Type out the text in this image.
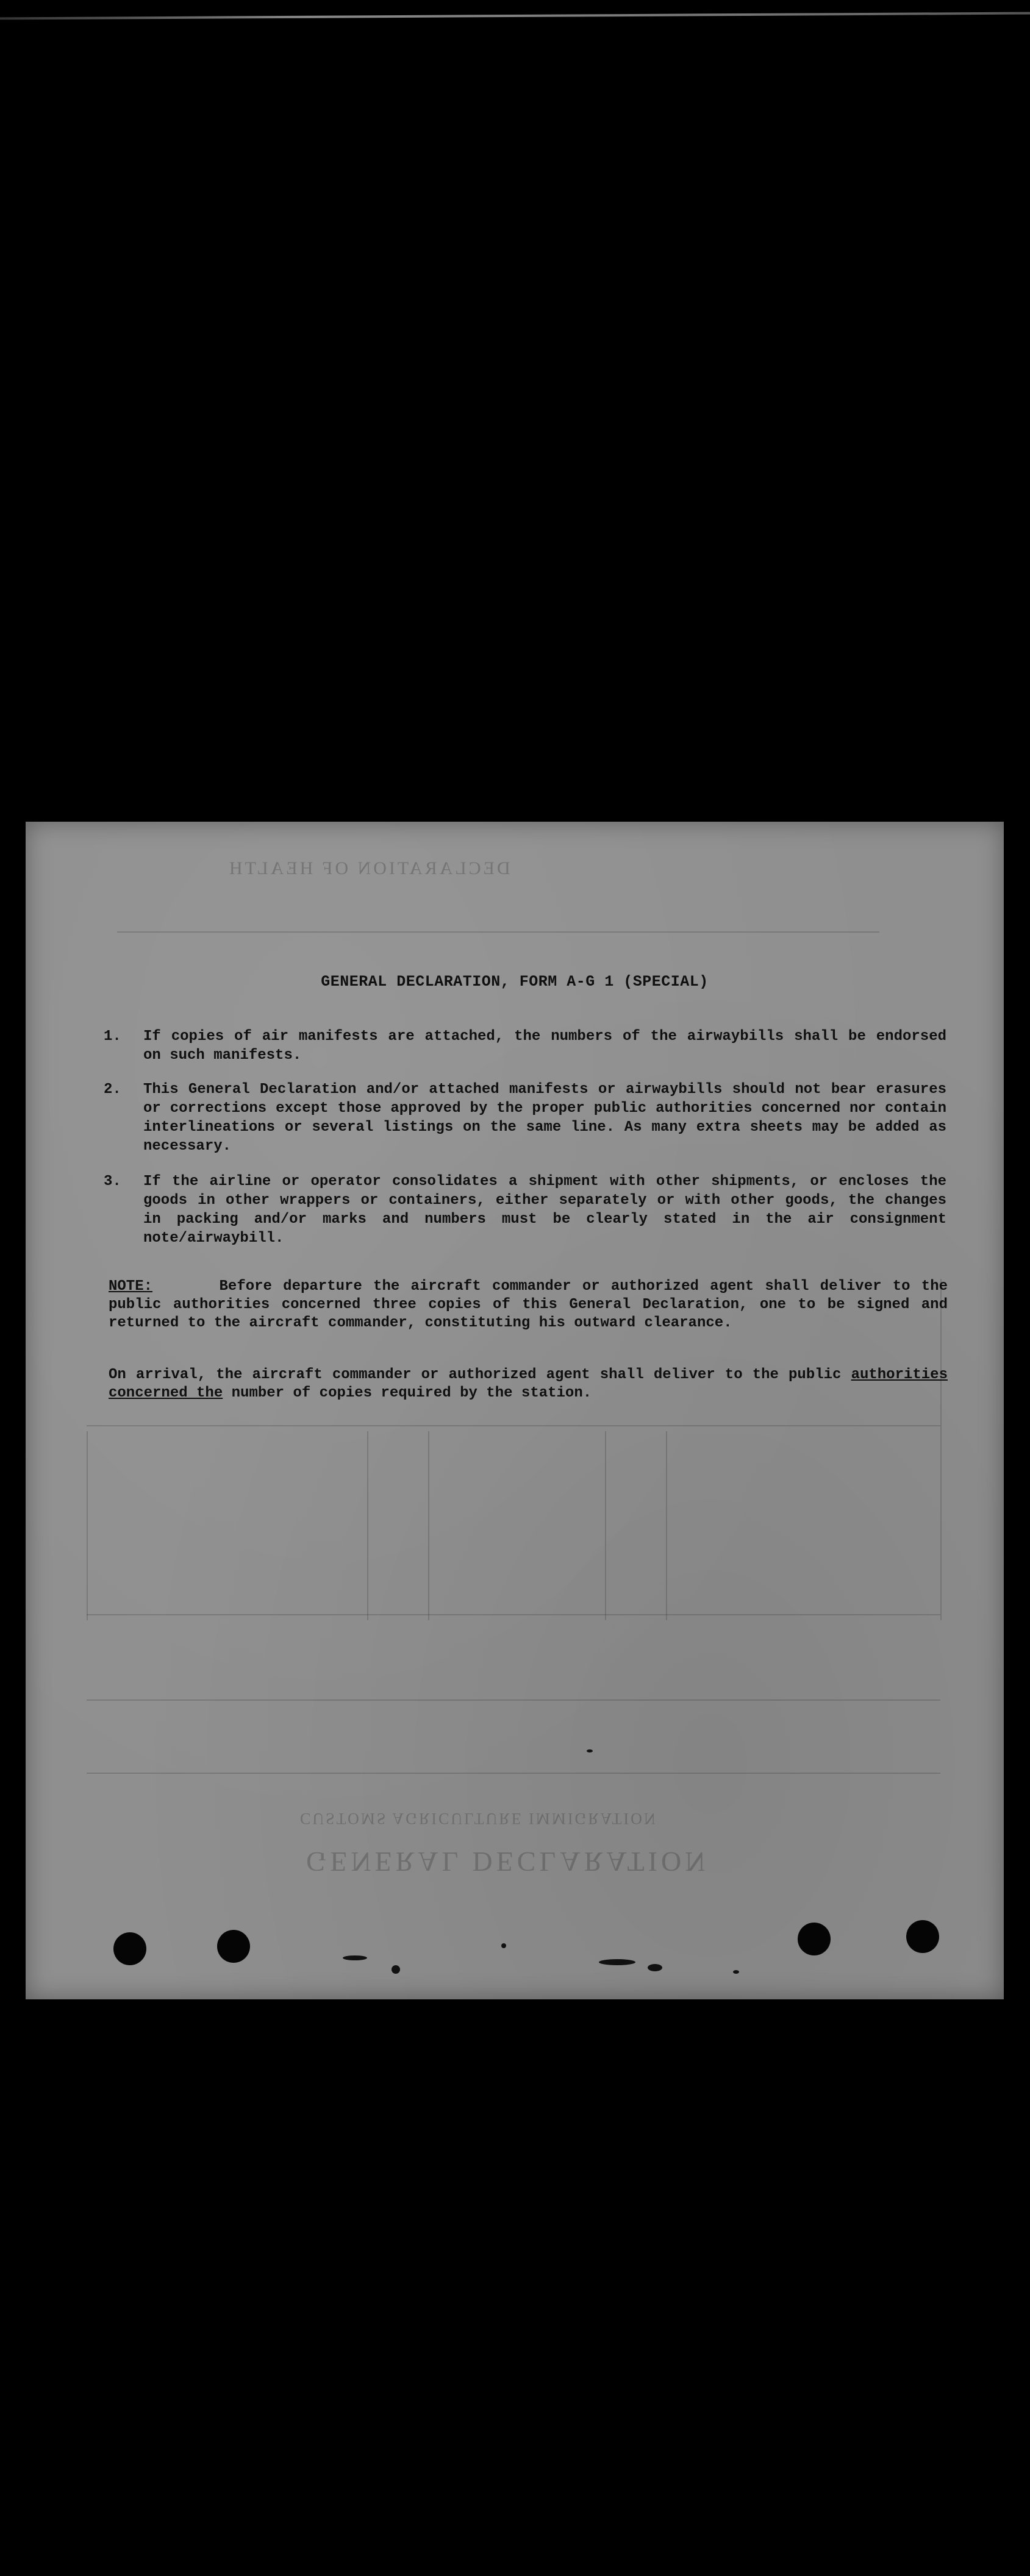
GENERAL DECLARATION
CUSTOMS AGRICULTURE IMMIGRATION
DECLARATION OF HEALTH
GENERAL DECLARATION, FORM A-G 1 (SPECIAL)
1.	If copies of air manifests are attached, the numbers of the airwaybills shall be endorsed on such manifests.
2.	This General Declaration and/or attached manifests or airwaybills should not bear erasures or corrections except those approved by the proper public authorities concerned nor contain interlineations or several listings on the same line. As many extra sheets may be added as necessary.
3.	If the airline or operator consolidates a shipment with other shipments, or encloses the goods in other wrappers or containers, either separately or with other goods, the changes in packing and/or marks and numbers must be clearly stated in the air consignment note/airwaybill.
NOTE:	Before departure the aircraft commander or authorized agent shall deliver to the public authorities concerned three copies of this General Declaration, one to be signed and returned to the aircraft commander, constituting his outward clearance.
On arrival, the aircraft commander or authorized agent shall deliver to the public authorities concerned the number of copies required by the station.
